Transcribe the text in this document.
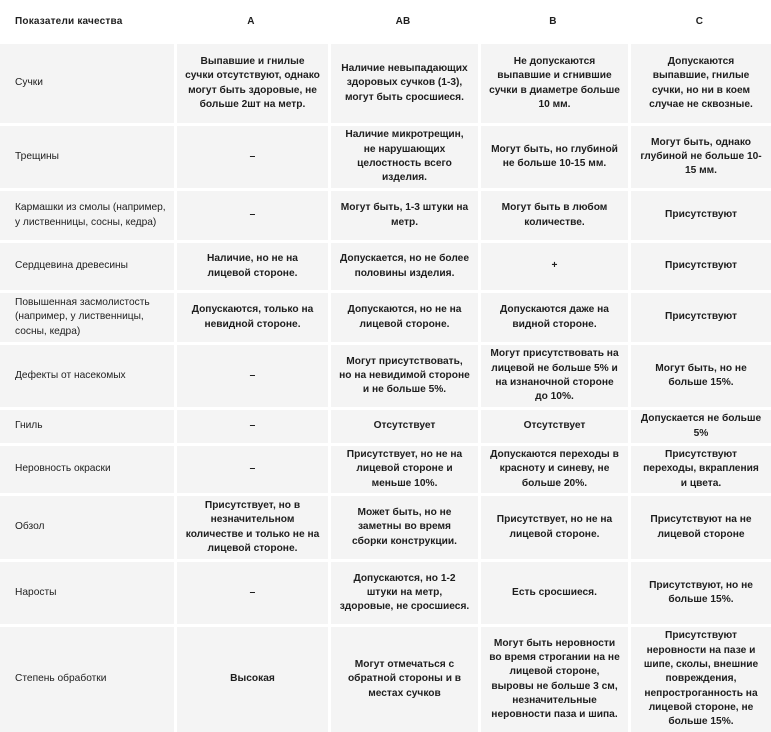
Показатели качества	A	AB	B	C
Сучки	Выпавшие и гнилые сучки отсутствуют, однако могут быть здоровые, не больше 2шт на метр.	Наличие невыпадающих здоровых сучков (1-3), могут быть сросшиеся.	Не допускаются выпавшие и сгнившие сучки в диаметре больше 10 мм.	Допускаются выпавшие, гнилые сучки, но ни в коем случае не сквозные.
Трещины	–	Наличие микротрещин, не нарушающих целостность всего изделия.	Могут быть, но глубиной не больше 10-15 мм.	Могут быть, однако глубиной не больше 10-15 мм.
Кармашки из смолы (например, у лиственницы, сосны, кедра)	–	Могут быть, 1-3 штуки на метр.	Могут быть в любом количестве.	Присутствуют
Сердцевина древесины	Наличие, но не на лицевой стороне.	Допускается, но не более половины изделия.	+	Присутствуют
Повышенная засмолистость (например, у лиственницы, сосны, кедра)	Допускаются, только на невидной стороне.	Допускаются, но не на лицевой стороне.	Допускаются даже на видной стороне.	Присутствуют
Дефекты от насекомых	–	Могут присутствовать, но на невидимой стороне и не больше 5%.	Могут присутствовать на лицевой не больше 5% и на изнаночной стороне до 10%.	Могут быть, но не больше 15%.
Гниль	–	Отсутствует	Отсутствует	Допускается не больше 5%
Неровность окраски	–	Присутствует, но не на лицевой стороне и меньше 10%.	Допускаются переходы в красноту и синеву, не больше 20%.	Присутствуют переходы, вкрапления и цвета.
Обзол	Присутствует, но в незначительном количестве и только не на лицевой стороне.	Может быть, но не заметны во время сборки конструкции.	Присутствует, но не на лицевой стороне.	Присутствуют на не лицевой стороне
Наросты	–	Допускаются, но 1-2 штуки на метр, здоровые, не сросшиеся.	Есть сросшиеся.	Присутствуют, но не больше 15%.
Степень обработки	Высокая	Могут отмечаться с обратной стороны и в местах сучков	Могут быть неровности во время строгании на не лицевой стороне, выровы не больше 3 см, незначительные неровности паза и шипа.	Присутствуют неровности на пазе и шипе, сколы, внешние повреждения, непрострoганность на лицевой стороне, не больше 15%.
